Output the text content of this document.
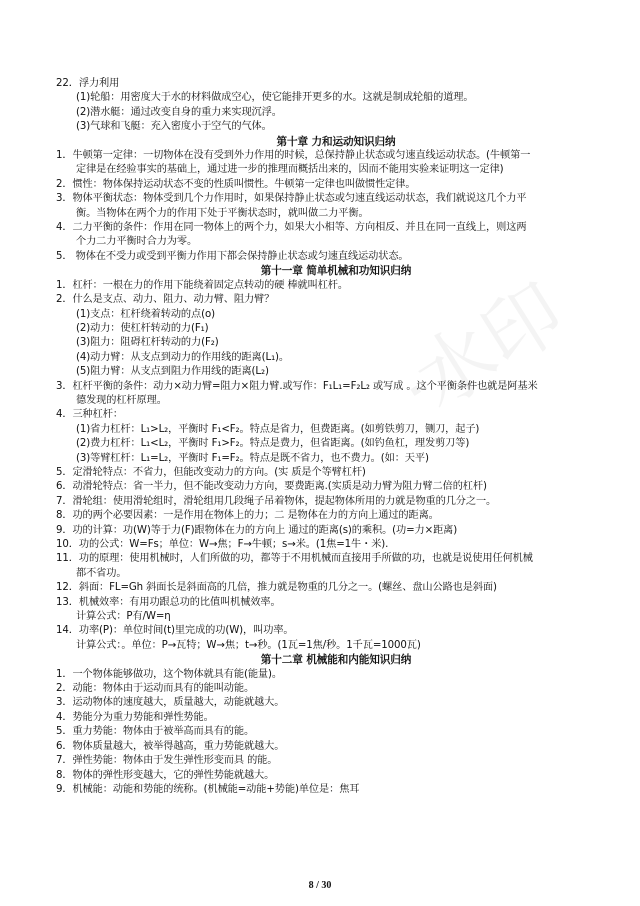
22．浮力利用
(1)轮船：用密度大于水的材料做成空心，使它能排开更多的水。这就是制成轮船的道理。
(2)潜水艇：通过改变自身的重力来实现沉浮。
(3)气球和飞艇：充入密度小于空气的气体。
第十章 力和运动知识归纳
1．牛顿第一定律：一切物体在没有受到外力作用的时候，总保持静止状态或匀速直线运动状态。(牛顿第一
定律是在经验事实的基础上，通过进一步的推理而概括出来的，因而不能用实验来证明这一定律)
2．惯性：物体保持运动状态不变的性质叫惯性。牛顿第一定律也叫做惯性定律。
3．物体平衡状态：物体受到几个力作用时，如果保持静止状态或匀速直线运动状态，我们就说这几个力平
衡。当物体在两个力的作用下处于平衡状态时，就叫做二力平衡。
4．二力平衡的条件：作用在同一物体上的两个力，如果大小相等、方向相反、并且在同一直线上，则这两
个力二力平衡时合力为零。
5． 物体在不受力或受到平衡力作用下都会保持静止状态或匀速直线运动状态。
第十一章 简单机械和功知识归纳
1．杠杆：一根在力的作用下能绕着固定点转动的硬 棒就叫杠杆。
2．什么是支点、动力、阻力、动力臂、阻力臂？
(1)支点：杠杆绕着转动的点(o)
(2)动力：使杠杆转动的力(F₁)
(3)阻力：阻碍杠杆转动的力(F₂)
(4)动力臂：从支点到动力的作用线的距离(L₁)。
(5)阻力臂：从支点到阻力作用线的距离(L₂)
3．杠杆平衡的条件：动力×动力臂=阻力×阻力臂.或写作：F₁L₁=F₂L₂ 或写成 。这个平衡条件也就是阿基米
德发现的杠杆原理。
4．三种杠杆：
(1)省力杠杆：L₁>L₂，平衡时 F₁<F₂。特点是省力，但费距离。(如剪铁剪刀，铡刀，起子)
(2)费力杠杆：L₁<L₂，平衡时 F₁>F₂。特点是费力，但省距离。(如钓鱼杠，理发剪刀等)
(3)等臂杠杆：L₁=L₂，平衡时 F₁=F₂。特点是既不省力，也不费力。(如：天平)
5．定滑轮特点：不省力，但能改变动力的方向。(实 质是个等臂杠杆)
6．动滑轮特点：省一半力，但不能改变动力方向，要费距离.(实质是动力臂为阻力臂二倍的杠杆)
7．滑轮组：使用滑轮组时，滑轮组用几段绳子吊着物体，提起物体所用的力就是物重的几分之一。
8．功的两个必要因素：一是作用在物体上的力；二 是物体在力的方向上通过的距离。
9．功的计算：功(W)等于力(F)跟物体在力的方向上 通过的距离(s)的乘积。(功=力×距离)
10．功的公式：W=Fs；单位：W→焦；F→牛顿；s→米。(1焦=1牛・米).
11．功的原理：使用机械时，人们所做的功，都等于不用机械而直接用手所做的功，也就是说使用任何机械
都不省功。
12．斜面：FL=Gh 斜面长是斜面高的几倍，推力就是物重的几分之一。(螺丝、盘山公路也是斜面)
13．机械效率：有用功跟总功的比值叫机械效率。
计算公式：P有/W=η
14．功率(P)：单位时间(t)里完成的功(W)，叫功率。
计算公式：。单位：P→瓦特；W→焦；t→秒。(1瓦=1焦/秒。1千瓦=1000瓦)
第十二章 机械能和内能知识归纳
1．一个物体能够做功，这个物体就具有能(能量)。
2．动能：物体由于运动而具有的能叫动能。
3．运动物体的速度越大，质量越大，动能就越大。
4．势能分为重力势能和弹性势能。
5．重力势能：物体由于被举高而具有的能。
6．物体质量越大，被举得越高，重力势能就越大。
7．弹性势能：物体由于发生弹性形变而具 的能。
8．物体的弹性形变越大，它的弹性势能就越大。
9．机械能：动能和势能的统称。(机械能=动能+势能)单位是：焦耳
8 / 30
